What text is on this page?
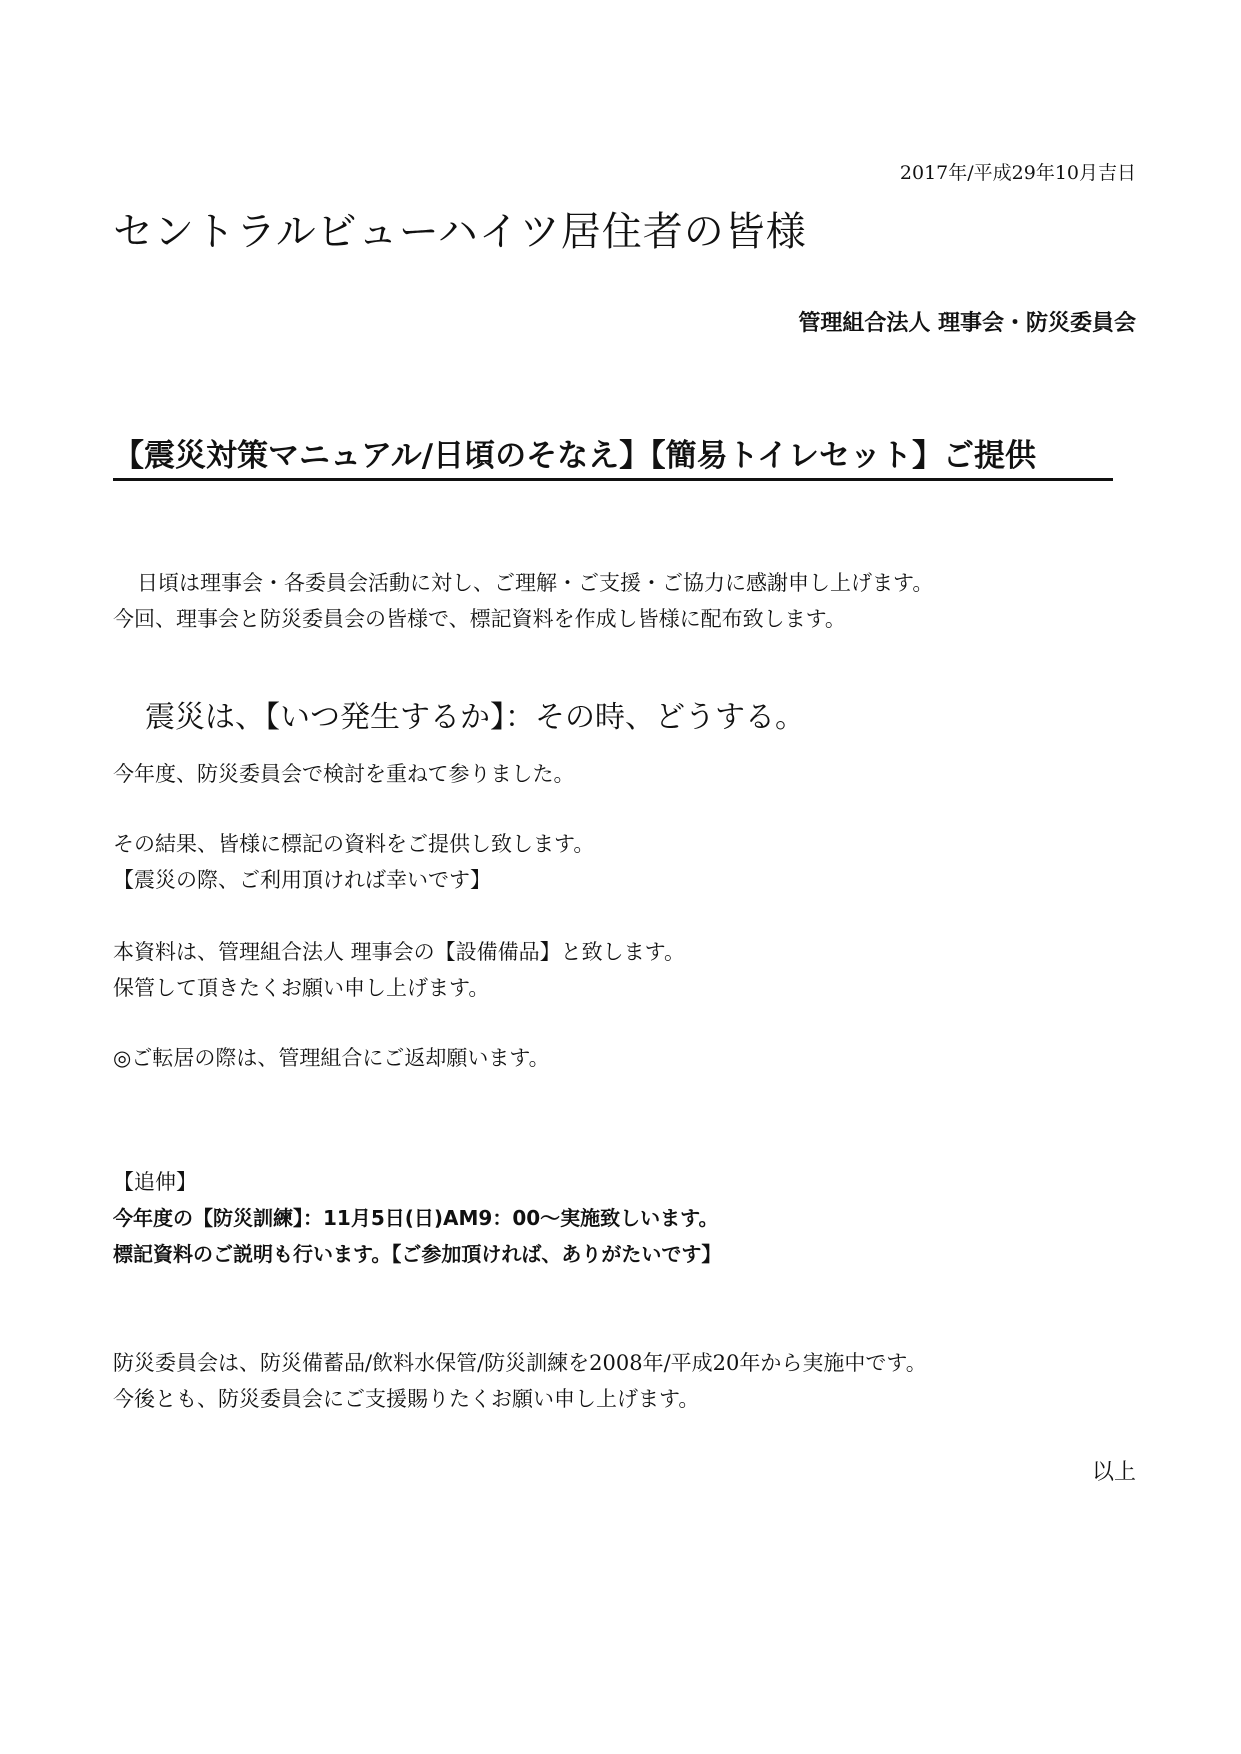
2017年/平成29年10月吉日
セントラルビューハイツ居住者の皆様
管理組合法人 理事会・防災委員会
【震災対策マニュアル/日頃のそなえ】【簡易トイレセット】ご提供
日頃は理事会・各委員会活動に対し、ご理解・ご支援・ご協力に感謝申し上げます。
今回、理事会と防災委員会の皆様で、標記資料を作成し皆様に配布致します。
震災は、【いつ発生するか】：その時、どうする。
今年度、防災委員会で検討を重ねて参りました。
その結果、皆様に標記の資料をご提供し致します。
【震災の際、ご利用頂ければ幸いです】
本資料は、管理組合法人 理事会の【設備備品】と致します。
保管して頂きたくお願い申し上げます。
◎ご転居の際は、管理組合にご返却願います。
【追伸】
今年度の【防災訓練】：11月5日(日)AM9：00～実施致しいます。
標記資料のご説明も行います。【ご参加頂ければ、ありがたいです】
防災委員会は、防災備蓄品/飲料水保管/防災訓練を2008年/平成20年から実施中です。
今後とも、防災委員会にご支援賜りたくお願い申し上げます。
以上
